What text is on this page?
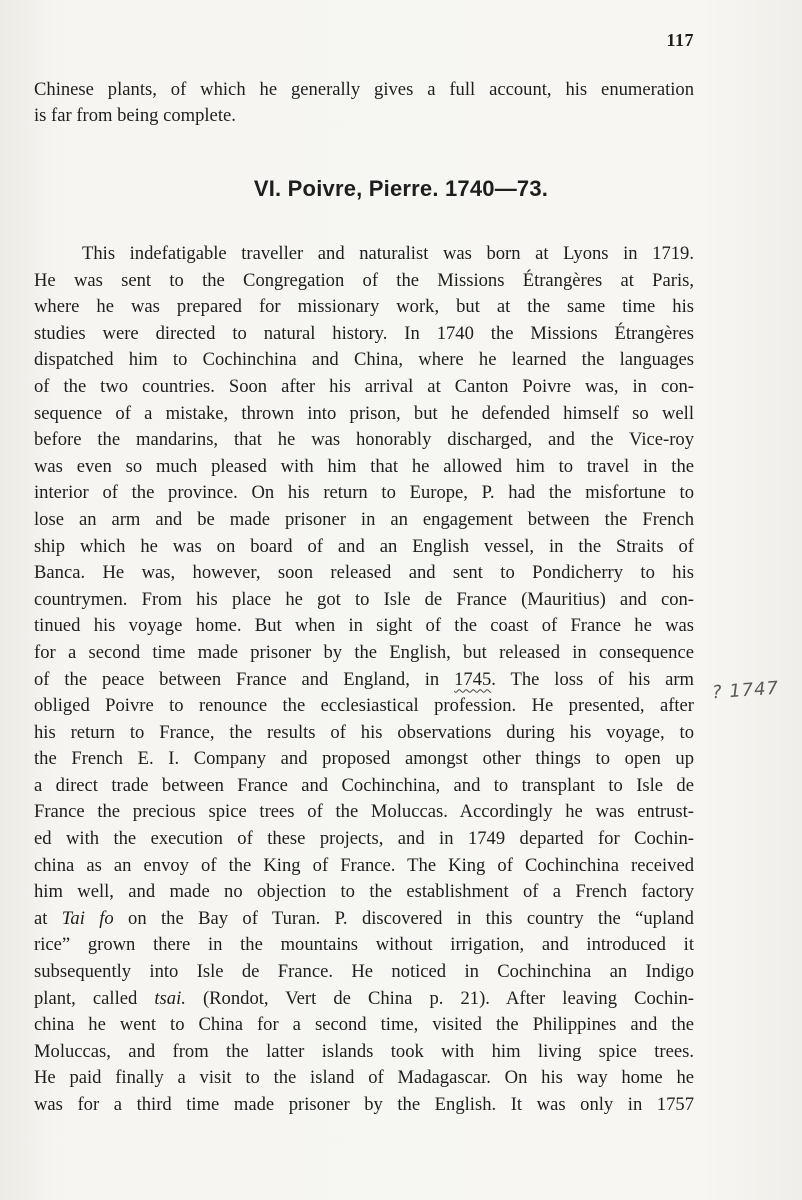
117
Chinese plants, of which he generally gives a full account, his enumeration
is far from being complete.
VI. Poivre, Pierre. 1740—73.
This indefatigable traveller and naturalist was born at Lyons in 1719.
He was sent to the Congregation of the Missions Étrangères at Paris,
where he was prepared for missionary work, but at the same time his
studies were directed to natural history. In 1740 the Missions Étrangères
dispatched him to Cochinchina and China, where he learned the languages
of the two countries. Soon after his arrival at Canton Poivre was, in con-
sequence of a mistake, thrown into prison, but he defended himself so well
before the mandarins, that he was honorably discharged, and the Vice-roy
was even so much pleased with him that he allowed him to travel in the
interior of the province. On his return to Europe, P. had the misfortune to
lose an arm and be made prisoner in an engagement between the French
ship which he was on board of and an English vessel, in the Straits of
Banca. He was, however, soon released and sent to Pondicherry to his
countrymen. From his place he got to Isle de France (Mauritius) and con-
tinued his voyage home. But when in sight of the coast of France he was
for a second time made prisoner by the English, but released in consequence
of the peace between France and England, in 1745. The loss of his arm
obliged Poivre to renounce the ecclesiastical profession. He presented, after
his return to France, the results of his observations during his voyage, to
the French E. I. Company and proposed amongst other things to open up
a direct trade between France and Cochinchina, and to transplant to Isle de
France the precious spice trees of the Moluccas. Accordingly he was entrust-
ed with the execution of these projects, and in 1749 departed for Cochin-
china as an envoy of the King of France. The King of Cochinchina received
him well, and made no objection to the establishment of a French factory
at Tai fo on the Bay of Turan. P. discovered in this country the “upland
rice” grown there in the mountains without irrigation, and introduced it
subsequently into Isle de France. He noticed in Cochinchina an Indigo
plant, called tsai. (Rondot, Vert de China p. 21). After leaving Cochin-
china he went to China for a second time, visited the Philippines and the
Moluccas, and from the latter islands took with him living spice trees.
He paid finally a visit to the island of Madagascar. On his way home he
was for a third time made prisoner by the English. It was only in 1757
? 1747
